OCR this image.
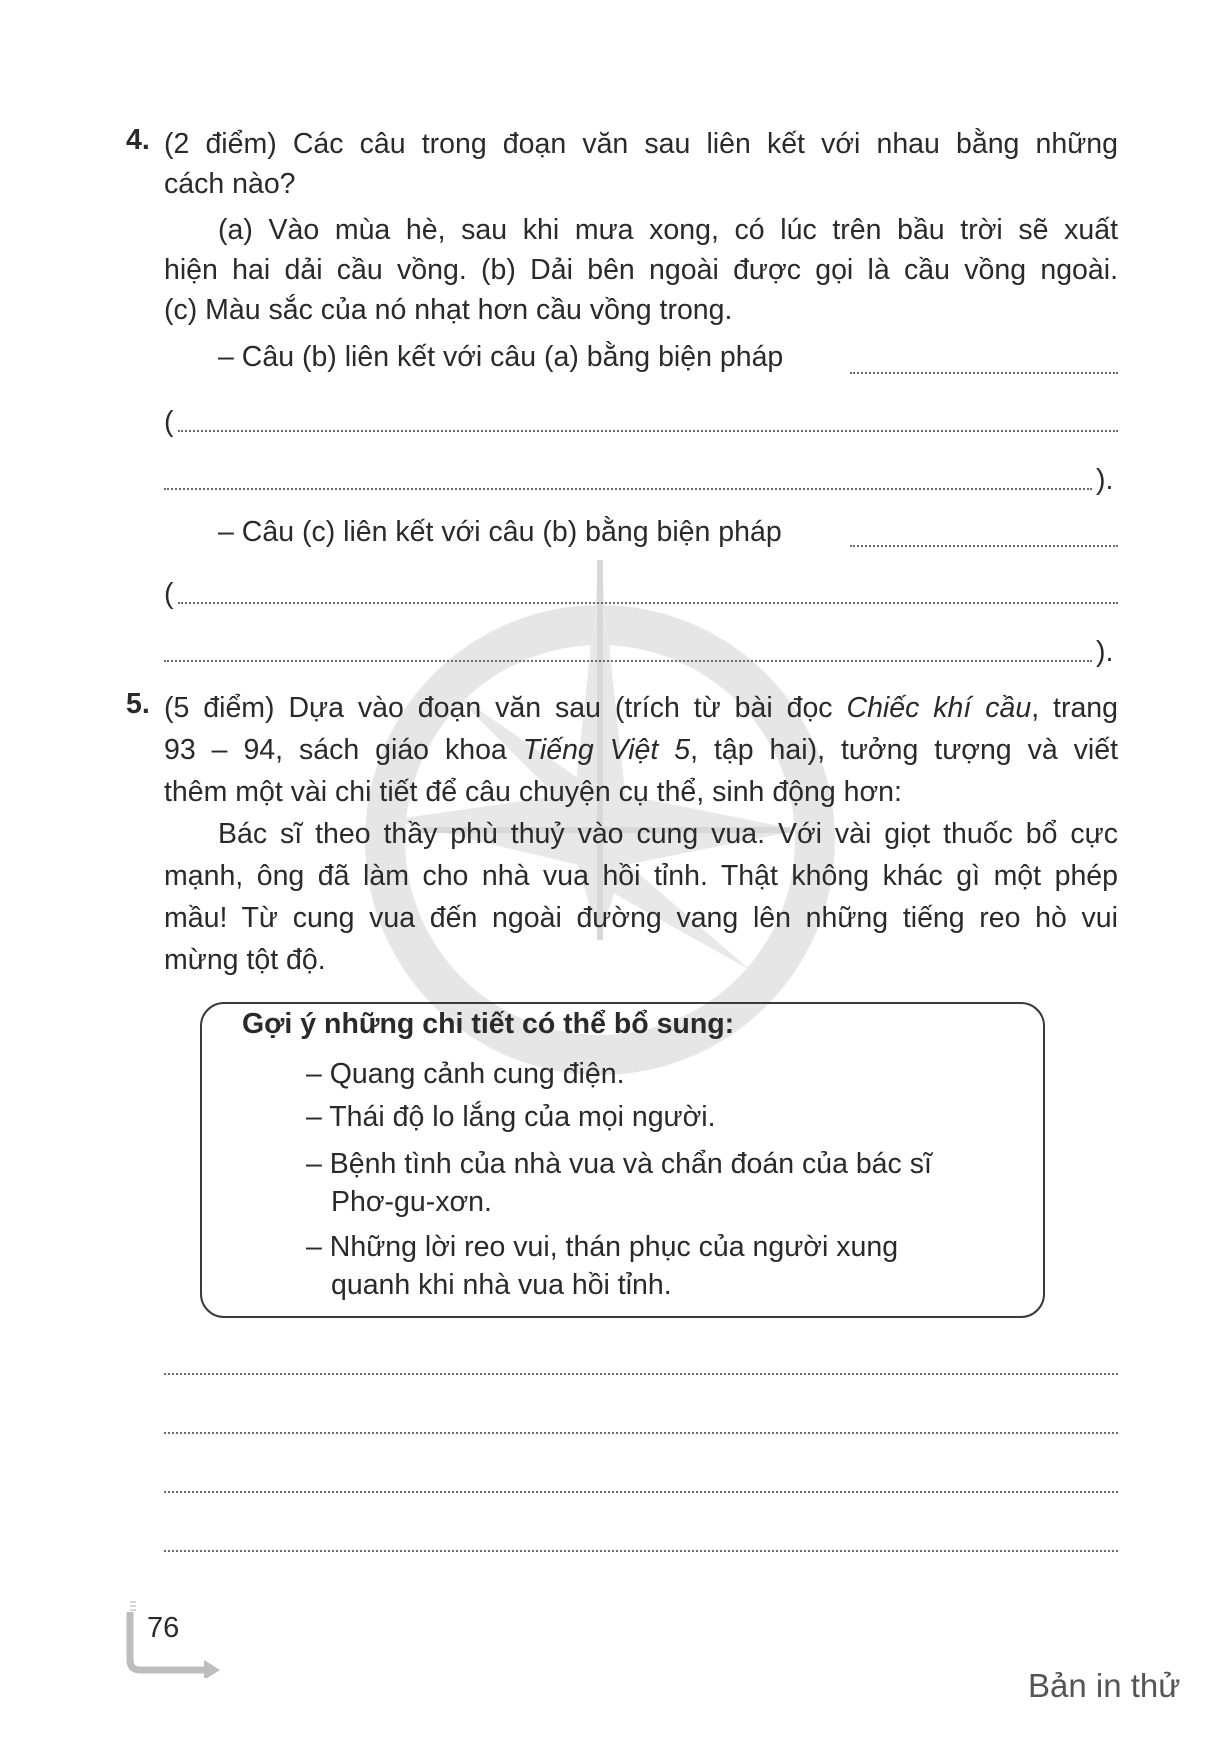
4. (2 điểm) Các câu trong đoạn văn sau liên kết với nhau bằng những
cách nào?
(a) Vào mùa hè, sau khi mưa xong, có lúc trên bầu trời sẽ xuất
hiện hai dải cầu vồng. (b) Dải bên ngoài được gọi là cầu vồng ngoài.
(c) Màu sắc của nó nhạt hơn cầu vồng trong.
– Câu (b) liên kết với câu (a) bằng biện pháp
(
).
– Câu (c) liên kết với câu (b) bằng biện pháp
(
).
5. (5 điểm) Dựa vào đoạn văn sau (trích từ bài đọc Chiếc khí cầu, trang
93 – 94, sách giáo khoa Tiếng Việt 5, tập hai), tưởng tượng và viết
thêm một vài chi tiết để câu chuyện cụ thể, sinh động hơn:
Bác sĩ theo thầy phù thuỷ vào cung vua. Với vài giọt thuốc bổ cực
mạnh, ông đã làm cho nhà vua hồi tỉnh. Thật không khác gì một phép
mầu! Từ cung vua đến ngoài đường vang lên những tiếng reo hò vui
mừng tột độ.
Gợi ý những chi tiết có thể bổ sung:
– Quang cảnh cung điện.
– Thái độ lo lắng của mọi người.
– Bệnh tình của nhà vua và chẩn đoán của bác sĩ
Phơ-gu-xơn.
– Những lời reo vui, thán phục của người xung
quanh khi nhà vua hồi tỉnh.
76
Bản in thử
